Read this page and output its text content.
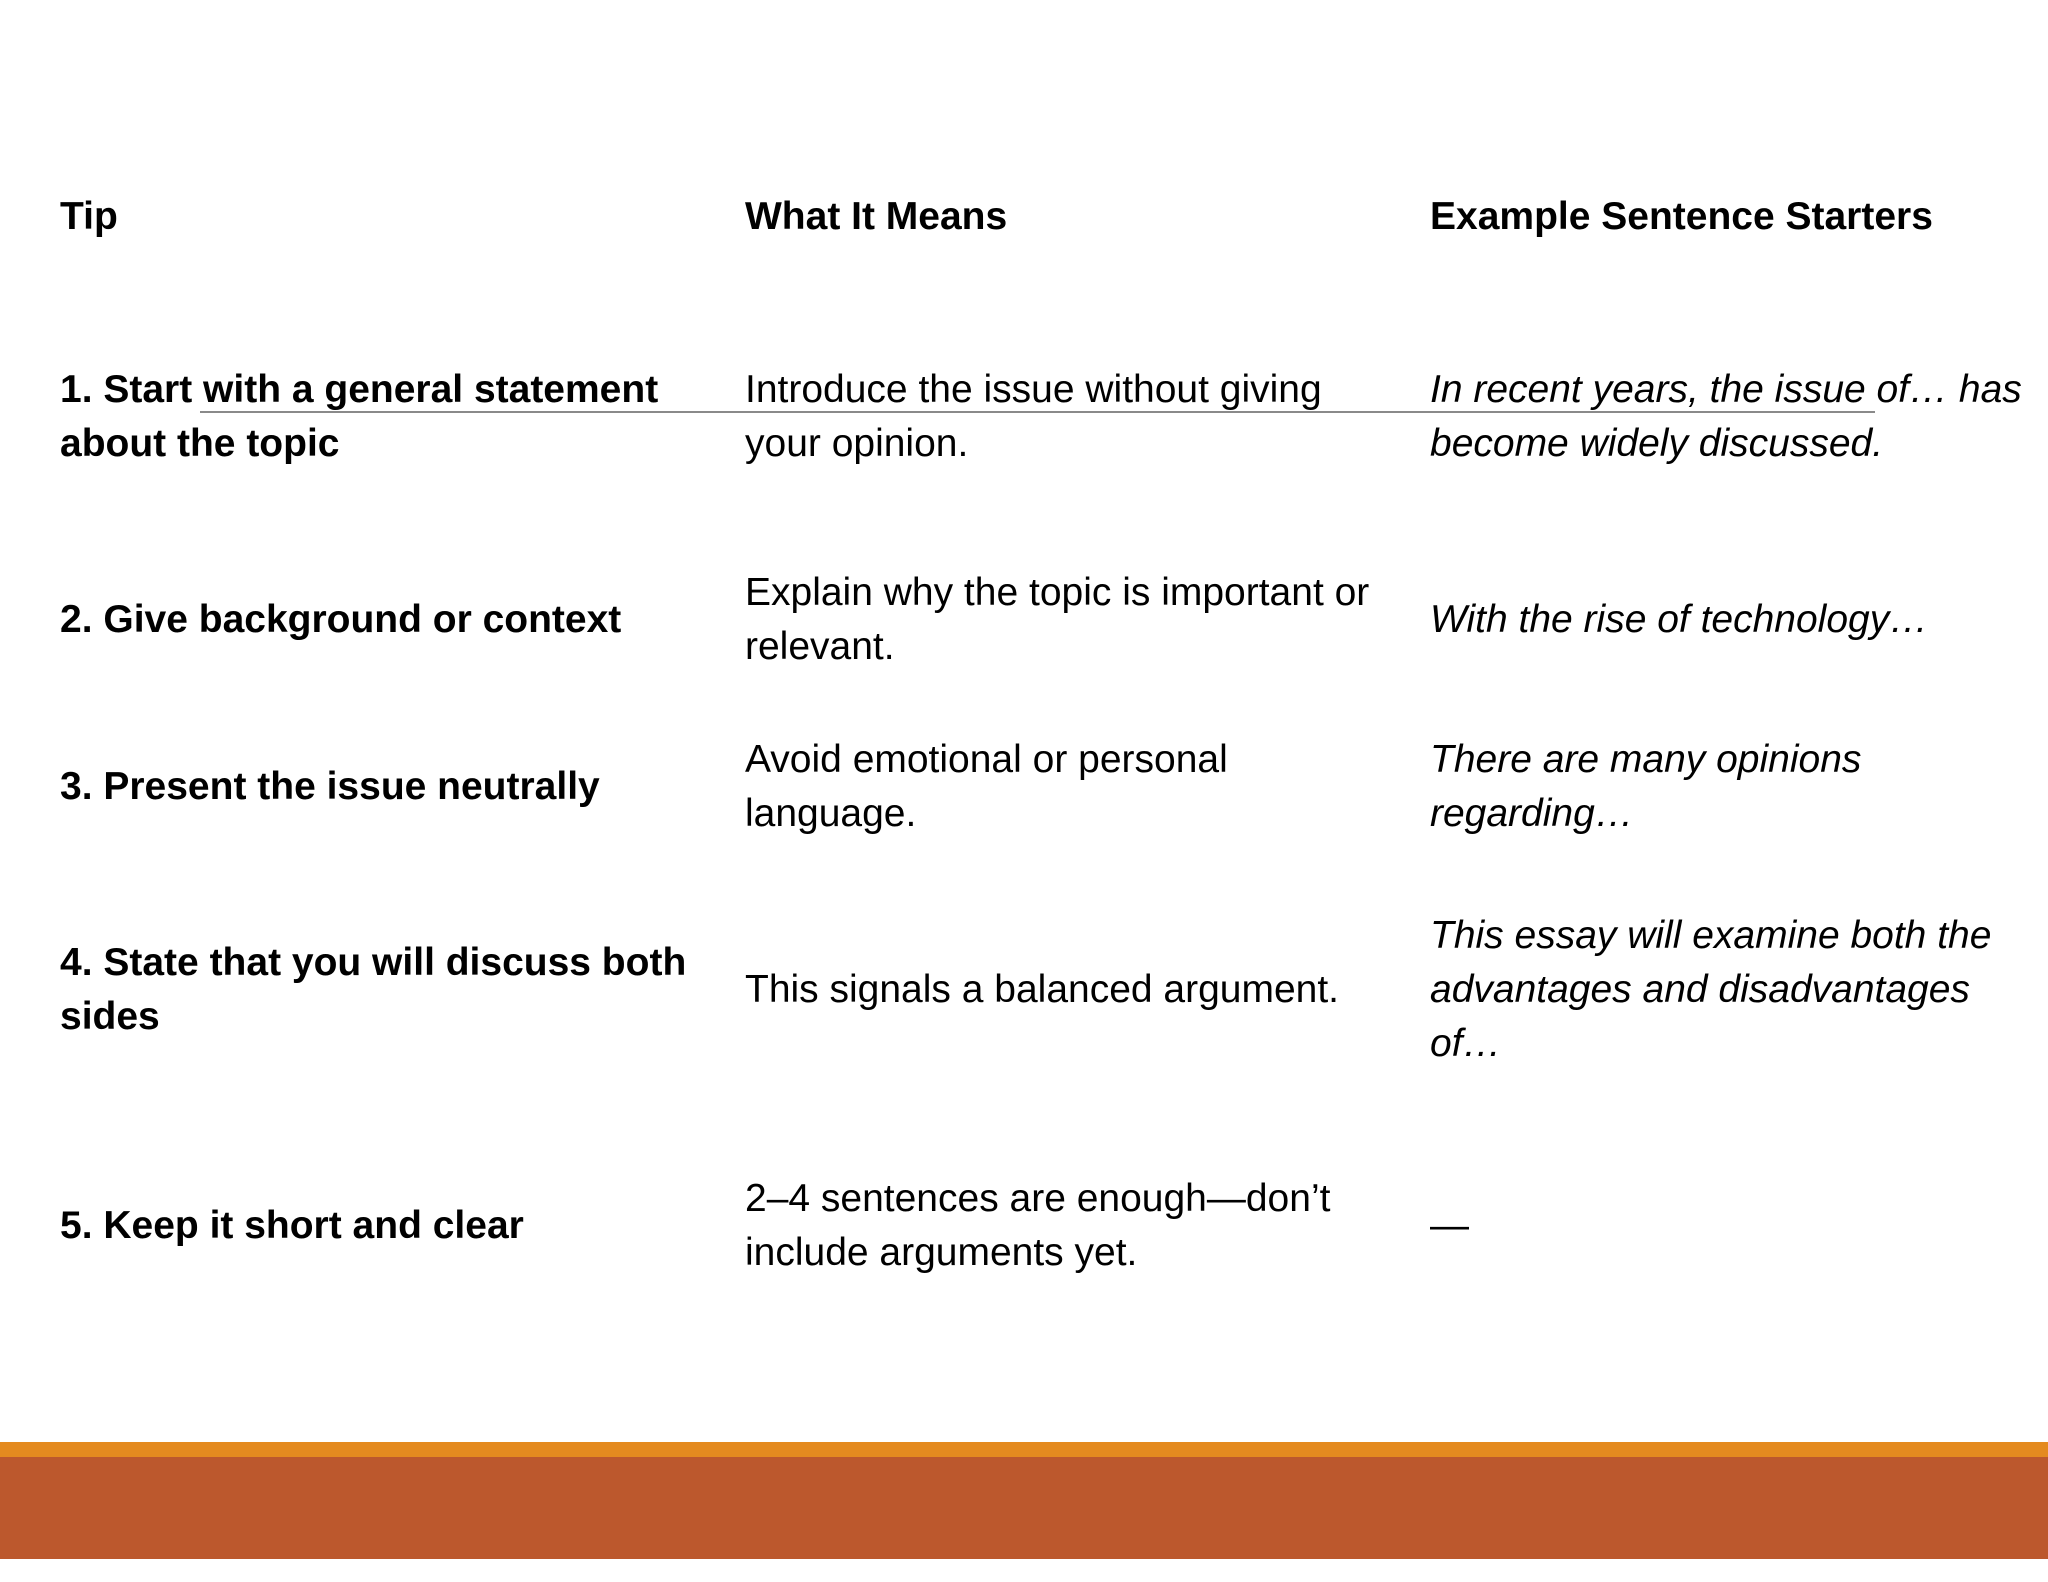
Tip	What It Means	Example Sentence Starters
1. Start with a general statement about the topic
Introduce the issue without giving your opinion.
In recent years, the issue of… has become widely discussed.
2. Give background or context
Explain why the topic is important or relevant.
With the rise of technology…
3. Present the issue neutrally
Avoid emotional or personal language.
There are many opinions regarding…
4. State that you will discuss both sides
This signals a balanced argument.
This essay will examine both the advantages and disadvantages of…
5. Keep it short and clear
2–4 sentences are enough—don’t include arguments yet.
—
